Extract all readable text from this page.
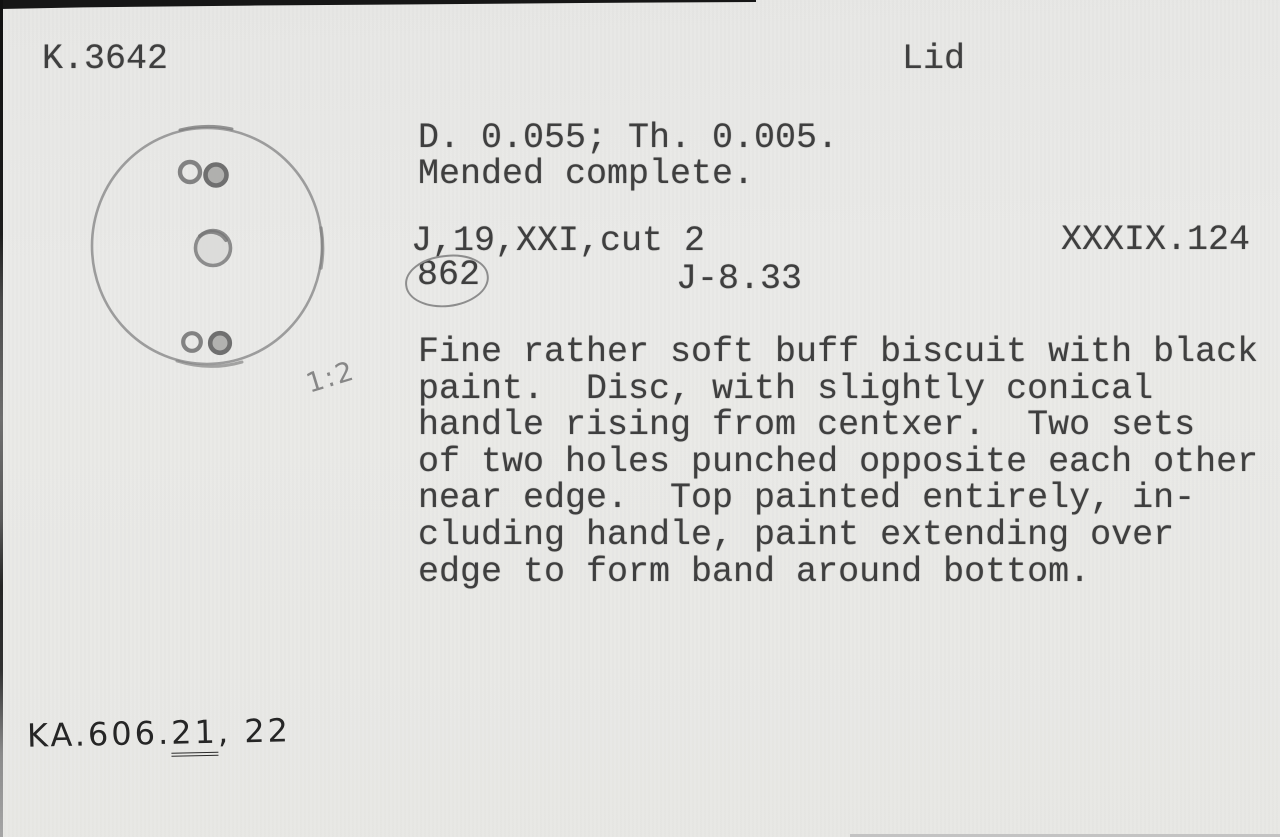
K.3642	Lid
D. 0.055; Th. 0.005.
Mended complete.
J,19,XXI,cut 2	XXXIX.124
862	J-8.33
Fine rather soft buff biscuit with black
paint.  Disc, with slightly conical
handle rising from centxer.  Two sets
of two holes punched opposite each other
near edge.  Top painted entirely, in-
cluding handle, paint extending over
edge to form band around bottom.
1:2
KA.606.21, 22
